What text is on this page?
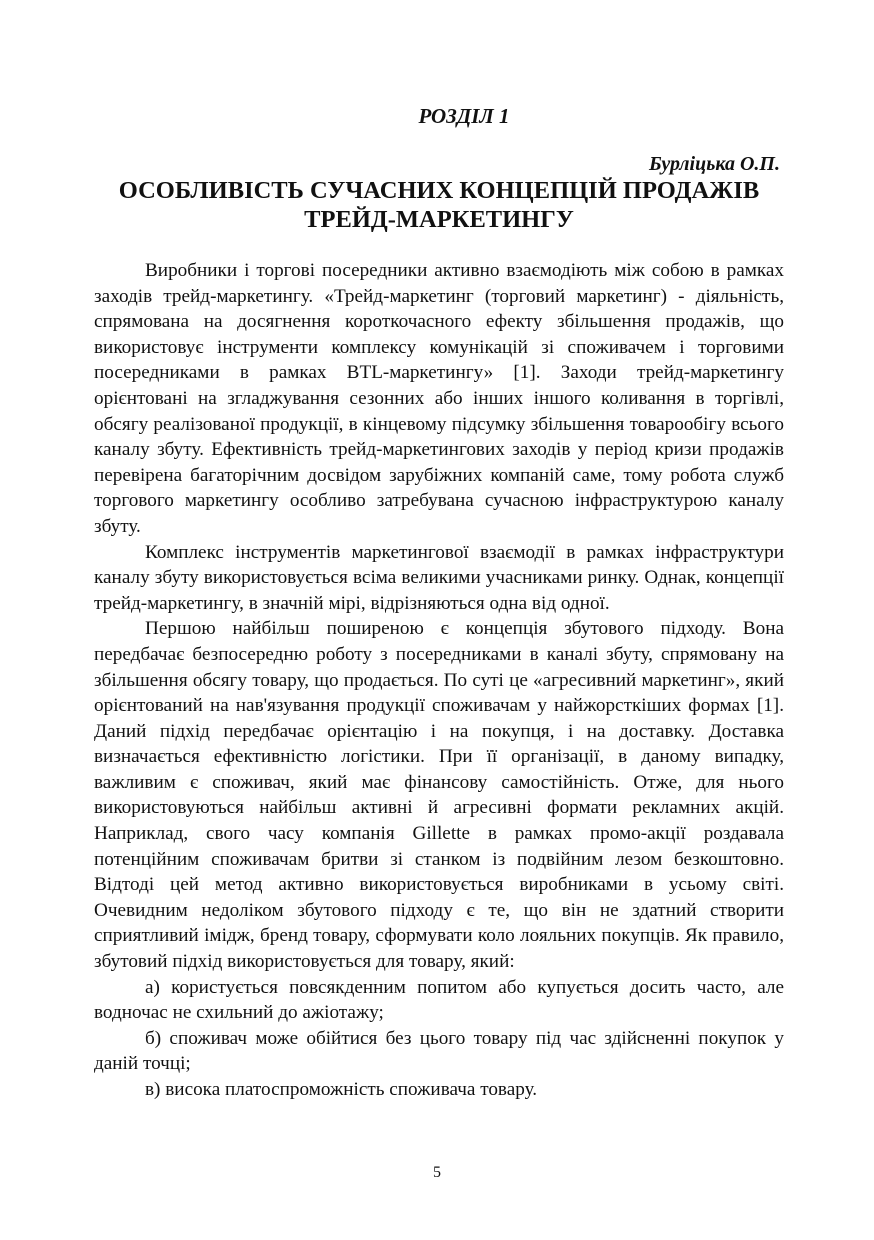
РОЗДІЛ 1
Бурліцька О.П.
ОСОБЛИВІСТЬ СУЧАСНИХ КОНЦЕПЦІЙ ПРОДАЖІВ
ТРЕЙД-МАРКЕТИНГУ

Виробники і торгові посередники активно взаємодіють між собою в рамках заходів трейд-маркетингу. «Трейд-маркетинг (торговий маркетинг) - діяльність, спрямована на досягнення короткочасного ефекту збільшення продажів, що використовує інструменти комплексу комунікацій зі споживачем і торговими посередниками в рамках BTL-маркетингу» [1]. Заходи трейд-маркетингу орієнтовані на згладжування сезонних або інших іншого коливання в торгівлі, обсягу реалізованої продукції, в кінцевому підсумку збільшення товарообігу всього каналу збуту. Ефективність трейд-маркетингових заходів у період кризи продажів перевірена багаторічним досвідом зарубіжних компаній саме, тому робота служб торгового маркетингу особливо затребувана сучасною інфраструктурою каналу збуту.

Комплекс інструментів маркетингової взаємодії в рамках інфраструктури каналу збуту використовується всіма великими учасниками ринку. Однак, концепції трейд-маркетингу, в значній мірі, відрізняються одна від одної.

Першою найбільш поширеною є концепція збутового підходу. Вона передбачає безпосередню роботу з посередниками в каналі збуту, спрямовану на збільшення обсягу товару, що продається. По суті це «агресивний маркетинг», який орієнтований на нав'язування продукції споживачам у найжорсткіших формах [1]. Даний підхід передбачає орієнтацію і на покупця, і на доставку. Доставка визначається ефективністю логістики. При її організації, в даному випадку, важливим є споживач, який має фінансову самостійність. Отже, для нього використовуються найбільш активні й агресивні формати рекламних акцій. Наприклад, свого часу компанія Gillette в рамках промо-акції роздавала потенційним споживачам бритви зі станком із подвійним лезом безкоштовно. Відтоді цей метод активно використовується виробниками в усьому світі. Очевидним недоліком збутового підходу є те, що він не здатний створити сприятливий імідж, бренд товару, сформувати коло лояльних покупців. Як правило, збутовий підхід використовується для товару, який:

а) користується повсякденним попитом або купується досить часто, але водночас не схильний до ажіотажу;

б) споживач може обійтися без цього товару під час здійсненні покупок у даній точці;

в) висока платоспроможність споживача товару.

5
